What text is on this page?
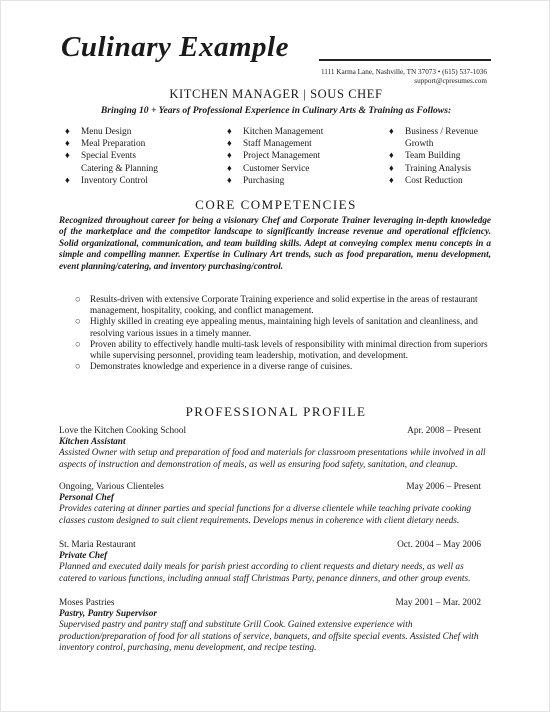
Culinary Example
1111 Karma Lane, Nashville, TN 37073 • (615) 537-1036
support@cpresumes.com
KITCHEN MANAGER | SOUS CHEF
Bringing 10 + Years of Professional Experience in Culinary Arts & Training as Follows:
♦ Menu Design
♦ Meal Preparation
♦ Special Events
Catering & Planning
♦ Inventory Control
♦ Kitchen Management
♦ Staff Management
♦ Project Management
♦ Customer Service
♦ Purchasing
♦ Business / Revenue
Growth
♦ Team Building
♦ Training Analysis
♦ Cost Reduction
CORE COMPETENCIES
Recognized throughout career for being a visionary Chef and Corporate Trainer leveraging in-depth knowledge of the marketplace and the competitor landscape to significantly increase revenue and operational efficiency. Solid organizational, communication, and team building skills. Adept at conveying complex menu concepts in a simple and compelling manner. Expertise in Culinary Art trends, such as food preparation, menu development, event planning/catering, and inventory purchasing/control.
○ Results-driven with extensive Corporate Training experience and solid expertise in the areas of restaurant management, hospitality, cooking, and conflict management.
○ Highly skilled in creating eye appealing menus, maintaining high levels of sanitation and cleanliness, and resolving various issues in a timely manner.
○ Proven ability to effectively handle multi-task levels of responsibility with minimal direction from superiors while supervising personnel, providing team leadership, motivation, and development.
○ Demonstrates knowledge and experience in a diverse range of cuisines.
PROFESSIONAL PROFILE
Love the Kitchen Cooking School	Apr. 2008 – Present
Kitchen Assistant
Assisted Owner with setup and preparation of food and materials for classroom presentations while involved in all aspects of instruction and demonstration of meals, as well as ensuring food safety, sanitation, and cleanup.
Ongoing, Various Clienteles	May 2006 – Present
Personal Chef
Provides catering at dinner parties and special functions for a diverse clientele while teaching private cooking classes custom designed to suit client requirements. Develops menus in coherence with client dietary needs.
St. Maria Restaurant	Oct. 2004 – May 2006
Private Chef
Planned and executed daily meals for parish priest according to client requests and dietary needs, as well as catered to various functions, including annual staff Christmas Party, penance dinners, and other group events.
Moses Pastries	May 2001 – Mar. 2002
Pastry, Pantry Supervisor
Supervised pastry and pantry staff and substitute Grill Cook. Gained extensive experience with production/preparation of food for all stations of service, banquets, and offsite special events. Assisted Chef with inventory control, purchasing, menu development, and recipe testing.
